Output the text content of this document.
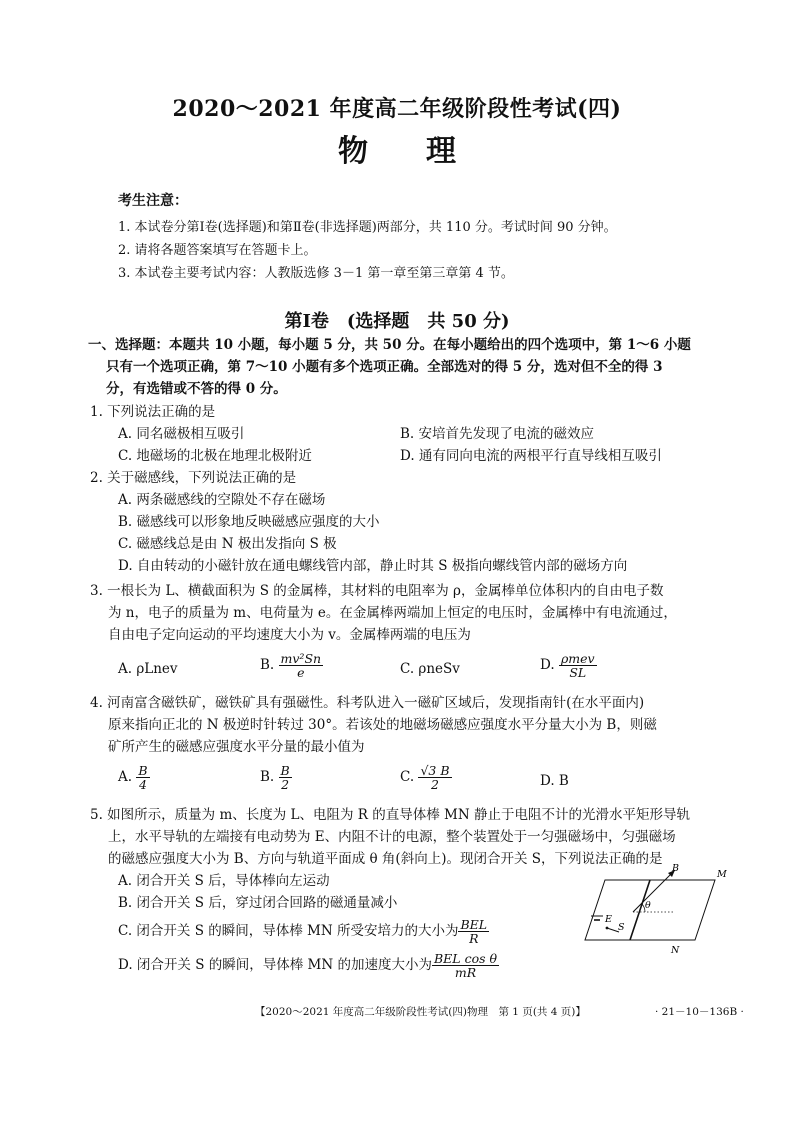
2020～2021 年度高二年级阶段性考试(四)
物理
考生注意：
1. 本试卷分第Ⅰ卷(选择题)和第Ⅱ卷(非选择题)两部分，共 110 分。考试时间 90 分钟。
2. 请将各题答案填写在答题卡上。
3. 本试卷主要考试内容：人教版选修 3－1 第一章至第三章第 4 节。
第Ⅰ卷　(选择题　共 50 分)
一、选择题：本题共 10 小题，每小题 5 分，共 50 分。在每小题给出的四个选项中，第 1～6 小题
只有一个选项正确，第 7～10 小题有多个选项正确。全部选对的得 5 分，选对但不全的得 3
分，有选错或不答的得 0 分。
1. 下列说法正确的是
A. 同名磁极相互吸引	B. 安培首先发现了电流的磁效应
C. 地磁场的北极在地理北极附近	D. 通有同向电流的两根平行直导线相互吸引
2. 关于磁感线，下列说法正确的是
A. 两条磁感线的空隙处不存在磁场
B. 磁感线可以形象地反映磁感应强度的大小
C. 磁感线总是由 N 极出发指向 S 极
D. 自由转动的小磁针放在通电螺线管内部，静止时其 S 极指向螺线管内部的磁场方向
3. 一根长为 L、横截面积为 S 的金属棒，其材料的电阻率为 ρ，金属棒单位体积内的自由电子数
为 n，电子的质量为 m、电荷量为 e。在金属棒两端加上恒定的电压时，金属棒中有电流通过，
自由电子定向运动的平均速度大小为 v。金属棒两端的电压为
A. ρLnev	B. $\frac{\text{mv²Sn}}{e}$	C. ρneSv	D. $\frac{\text{ρmev}}{SL}$
4. 河南富含磁铁矿，磁铁矿具有强磁性。科考队进入一磁矿区域后，发现指南针(在水平面内)
原来指向正北的 N 极逆时针转过 30°。若该处的地磁场磁感应强度水平分量大小为 B，则磁
矿所产生的磁感应强度水平分量的最小值为
A. $\frac{B}{4}$	B. $\frac{B}{2}$	C. $\frac{√3 B}{2}$	D. B
5. 如图所示，质量为 m、长度为 L、电阻为 R 的直导体棒 MN 静止于电阻不计的光滑水平矩形导轨
上，水平导轨的左端接有电动势为 E、内阻不计的电源，整个装置处于一匀强磁场中，匀强磁场
的磁感应强度大小为 B、方向与轨道平面成 θ 角(斜向上)。现闭合开关 S，下列说法正确的是
A. 闭合开关 S 后，导体棒向左运动
B. 闭合开关 S 后，穿过闭合回路的磁通量减小
C. 闭合开关 S 的瞬间，导体棒 MN 所受安培力的大小为 $\frac{\text{BEL}}{R}$
D. 闭合开关 S 的瞬间，导体棒 MN 的加速度大小为 $\frac{\text{BEL cos θ}}{mR}$
B
M
N
E
S
θ
【2020～2021 年度高二年级阶段性考试(四)物理　第 1 页(共 4 页)】	· 21－10－136B ·
